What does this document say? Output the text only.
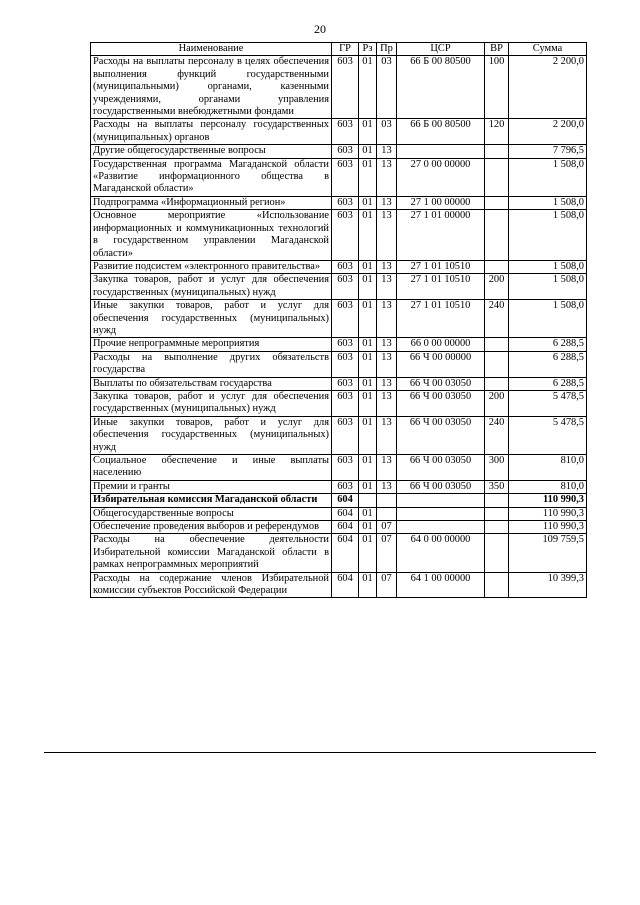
20
Наименование	ГР	Рз	Пр	ЦСР	ВР	Сумма
Расходы на выплаты персоналу в целях обеспечения выполнения функций государственными (муниципальными) органами, казенными учреждениями, органами управления государственными внебюджетными фондами	603	01	03	66 Б 00 80500	100	2 200,0
Расходы на выплаты персоналу государственных (муниципальных) органов	603	01	03	66 Б 00 80500	120	2 200,0
Другие общегосударственные вопросы	603	01	13			7 796,5
Государственная программа Магаданской области «Развитие информационного общества в Магаданской области»	603	01	13	27 0 00 00000		1 508,0
Подпрограмма «Информационный регион»	603	01	13	27 1 00 00000		1 508,0
Основное мероприятие «Использование информационных и коммуникационных технологий в государственном управлении Магаданской области»	603	01	13	27 1 01 00000		1 508,0
Развитие подсистем «электронного правительства»	603	01	13	27 1 01 10510		1 508,0
Закупка товаров, работ и услуг для обеспечения государственных (муниципальных) нужд	603	01	13	27 1 01 10510	200	1 508,0
Иные закупки товаров, работ и услуг для обеспечения государственных (муниципальных) нужд	603	01	13	27 1 01 10510	240	1 508,0
Прочие непрограммные мероприятия	603	01	13	66 0 00 00000		6 288,5
Расходы на выполнение других обязательств государства	603	01	13	66 Ч 00 00000		6 288,5
Выплаты по обязательствам государства	603	01	13	66 Ч 00 03050		6 288,5
Закупка товаров, работ и услуг для обеспечения государственных (муниципальных) нужд	603	01	13	66 Ч 00 03050	200	5 478,5
Иные закупки товаров, работ и услуг для обеспечения государственных (муниципальных) нужд	603	01	13	66 Ч 00 03050	240	5 478,5
Социальное обеспечение и иные выплаты населению	603	01	13	66 Ч 00 03050	300	810,0
Премии и гранты	603	01	13	66 Ч 00 03050	350	810,0
Избирательная комиссия Магаданской области	604					110 990,3
Общегосударственные вопросы	604	01				110 990,3
Обеспечение проведения выборов и референдумов	604	01	07			110 990,3
Расходы на обеспечение деятельности Избирательной комиссии Магаданской области в рамках непрограммных мероприятий	604	01	07	64 0 00 00000		109 759,5
Расходы на содержание членов Избирательной комиссии субъектов Российской Федерации	604	01	07	64 1 00 00000		10 399,3
